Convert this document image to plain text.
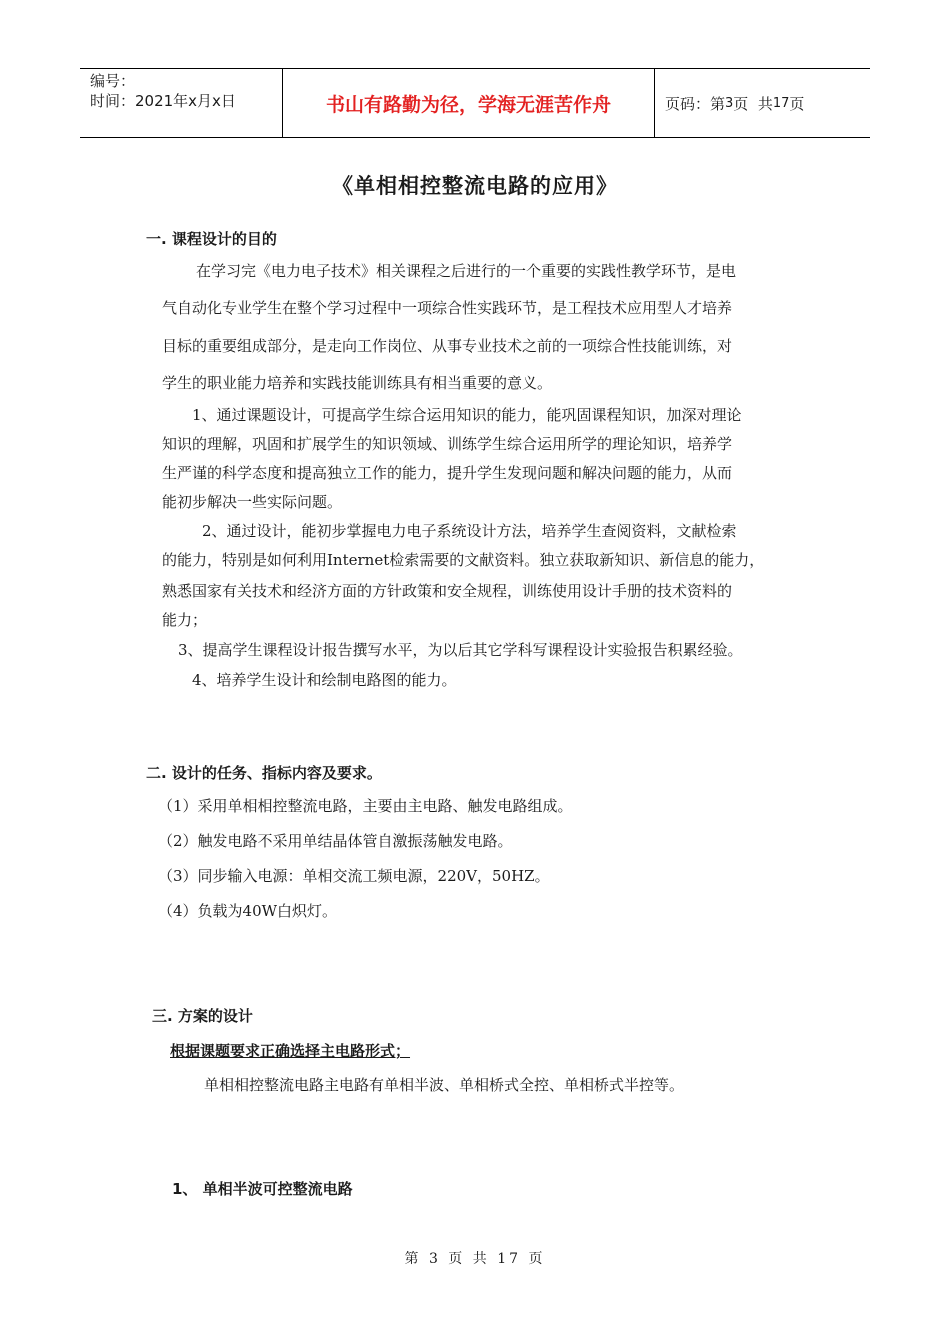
编号：
时间：2021年x月x日	书山有路勤为径，学海无涯苦作舟	页码：第 3 页  共 17 页
《单相相控整流电路的应用》
一. 课程设计的目的
在学习完《电力电子技术》相关课程之后进行的一个重要的实践性教学环节，是电
气自动化专业学生在整个学习过程中一项综合性实践环节，是工程技术应用型人才培养
目标的重要组成部分，是走向工作岗位、从事专业技术之前的一项综合性技能训练，对
学生的职业能力培养和实践技能训练具有相当重要的意义。
1、通过课题设计，可提高学生综合运用知识的能力，能巩固课程知识，加深对理论
知识的理解，巩固和扩展学生的知识领域、训练学生综合运用所学的理论知识，培养学
生严谨的科学态度和提高独立工作的能力，提升学生发现问题和解决问题的能力，从而
能初步解决一些实际问题。
2、通过设计，能初步掌握电力电子系统设计方法，培养学生查阅资料，文献检索
的能力，特别是如何利用Internet检索需要的文献资料。独立获取新知识、新信息的能力，
熟悉国家有关技术和经济方面的方针政策和安全规程，训练使用设计手册的技术资料的
能力；
3、提高学生课程设计报告撰写水平，为以后其它学科写课程设计实验报告积累经验。
4、培养学生设计和绘制电路图的能力。
二. 设计的任务、指标内容及要求。
（1）采用单相相控整流电路，主要由主电路、触发电路组成。
（2）触发电路不采用单结晶体管自激振荡触发电路。
（3）同步输入电源：单相交流工频电源，220V，50HZ。
（4）负载为40W白炽灯。
三. 方案的设计
根据课题要求正确选择主电路形式；
单相相控整流电路主电路有单相半波、单相桥式全控、单相桥式半控等。
1、 单相半波可控整流电路
第 3 页 共 17 页
